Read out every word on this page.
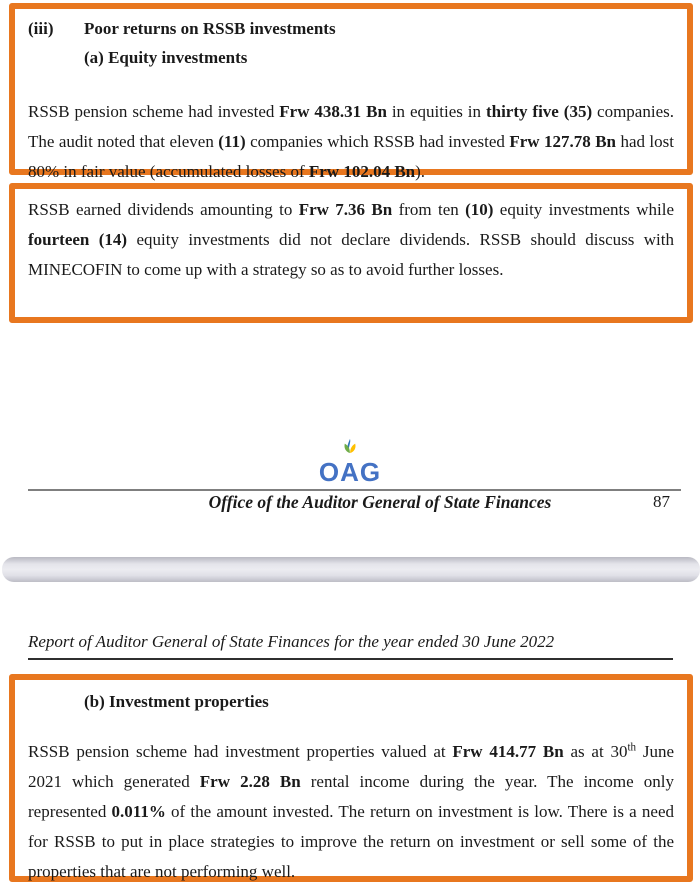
(iii) Poor returns on RSSB investments
(a) Equity investments

RSSB pension scheme had invested Frw 438.31 Bn in equities in thirty five (35) companies. The audit noted that eleven (11) companies which RSSB had invested Frw 127.78 Bn had lost 80% in fair value (accumulated losses of Frw 102.04 Bn).

RSSB earned dividends amounting to Frw 7.36 Bn from ten (10) equity investments while fourteen (14) equity investments did not declare dividends. RSSB should discuss with MINECOFIN to come up with a strategy so as to avoid further losses.

OAG
Office of the Auditor General of State Finances	87
Report of Auditor General of State Finances for the year ended 30 June 2022
(b) Investment properties

RSSB pension scheme had investment properties valued at Frw 414.77 Bn as at 30th June 2021 which generated Frw 2.28 Bn rental income during the year. The income only represented 0.011% of the amount invested. The return on investment is low. There is a need for RSSB to put in place strategies to improve the return on investment or sell some of the properties that are not performing well.
